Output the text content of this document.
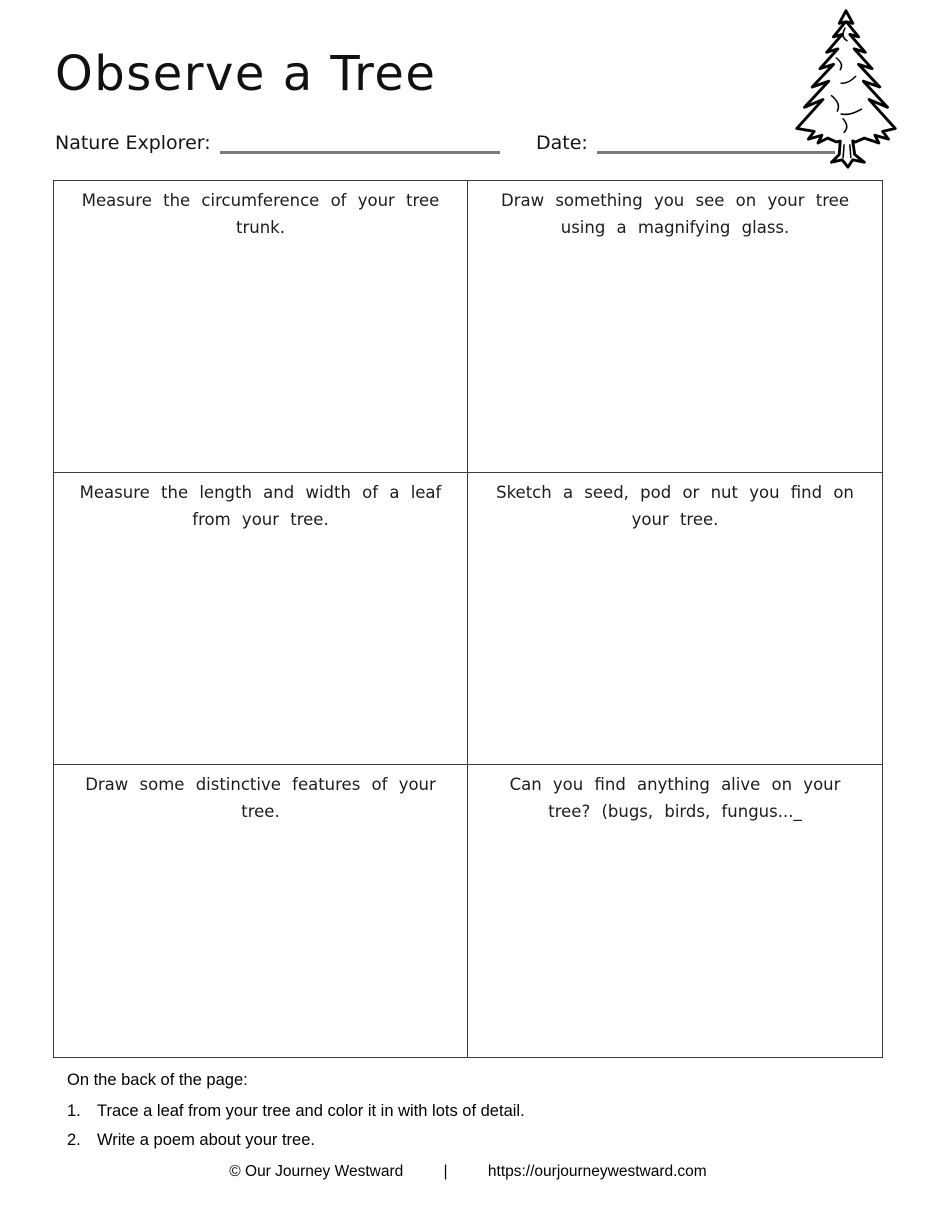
Observe a Tree
Nature Explorer:	Date:
Measure the circumference of your tree trunk.
Draw something you see on your tree using a magnifying glass.
Measure the length and width of a leaf from your tree.
Sketch a seed, pod or nut you find on your tree.
Draw some distinctive features of your tree.
Can you find anything alive on your tree? (bugs, birds, fungus..._
On the back of the page:
1. Trace a leaf from your tree and color it in with lots of detail.
2. Write a poem about your tree.
© Our Journey Westward	|	https://ourjourneywestward.com
